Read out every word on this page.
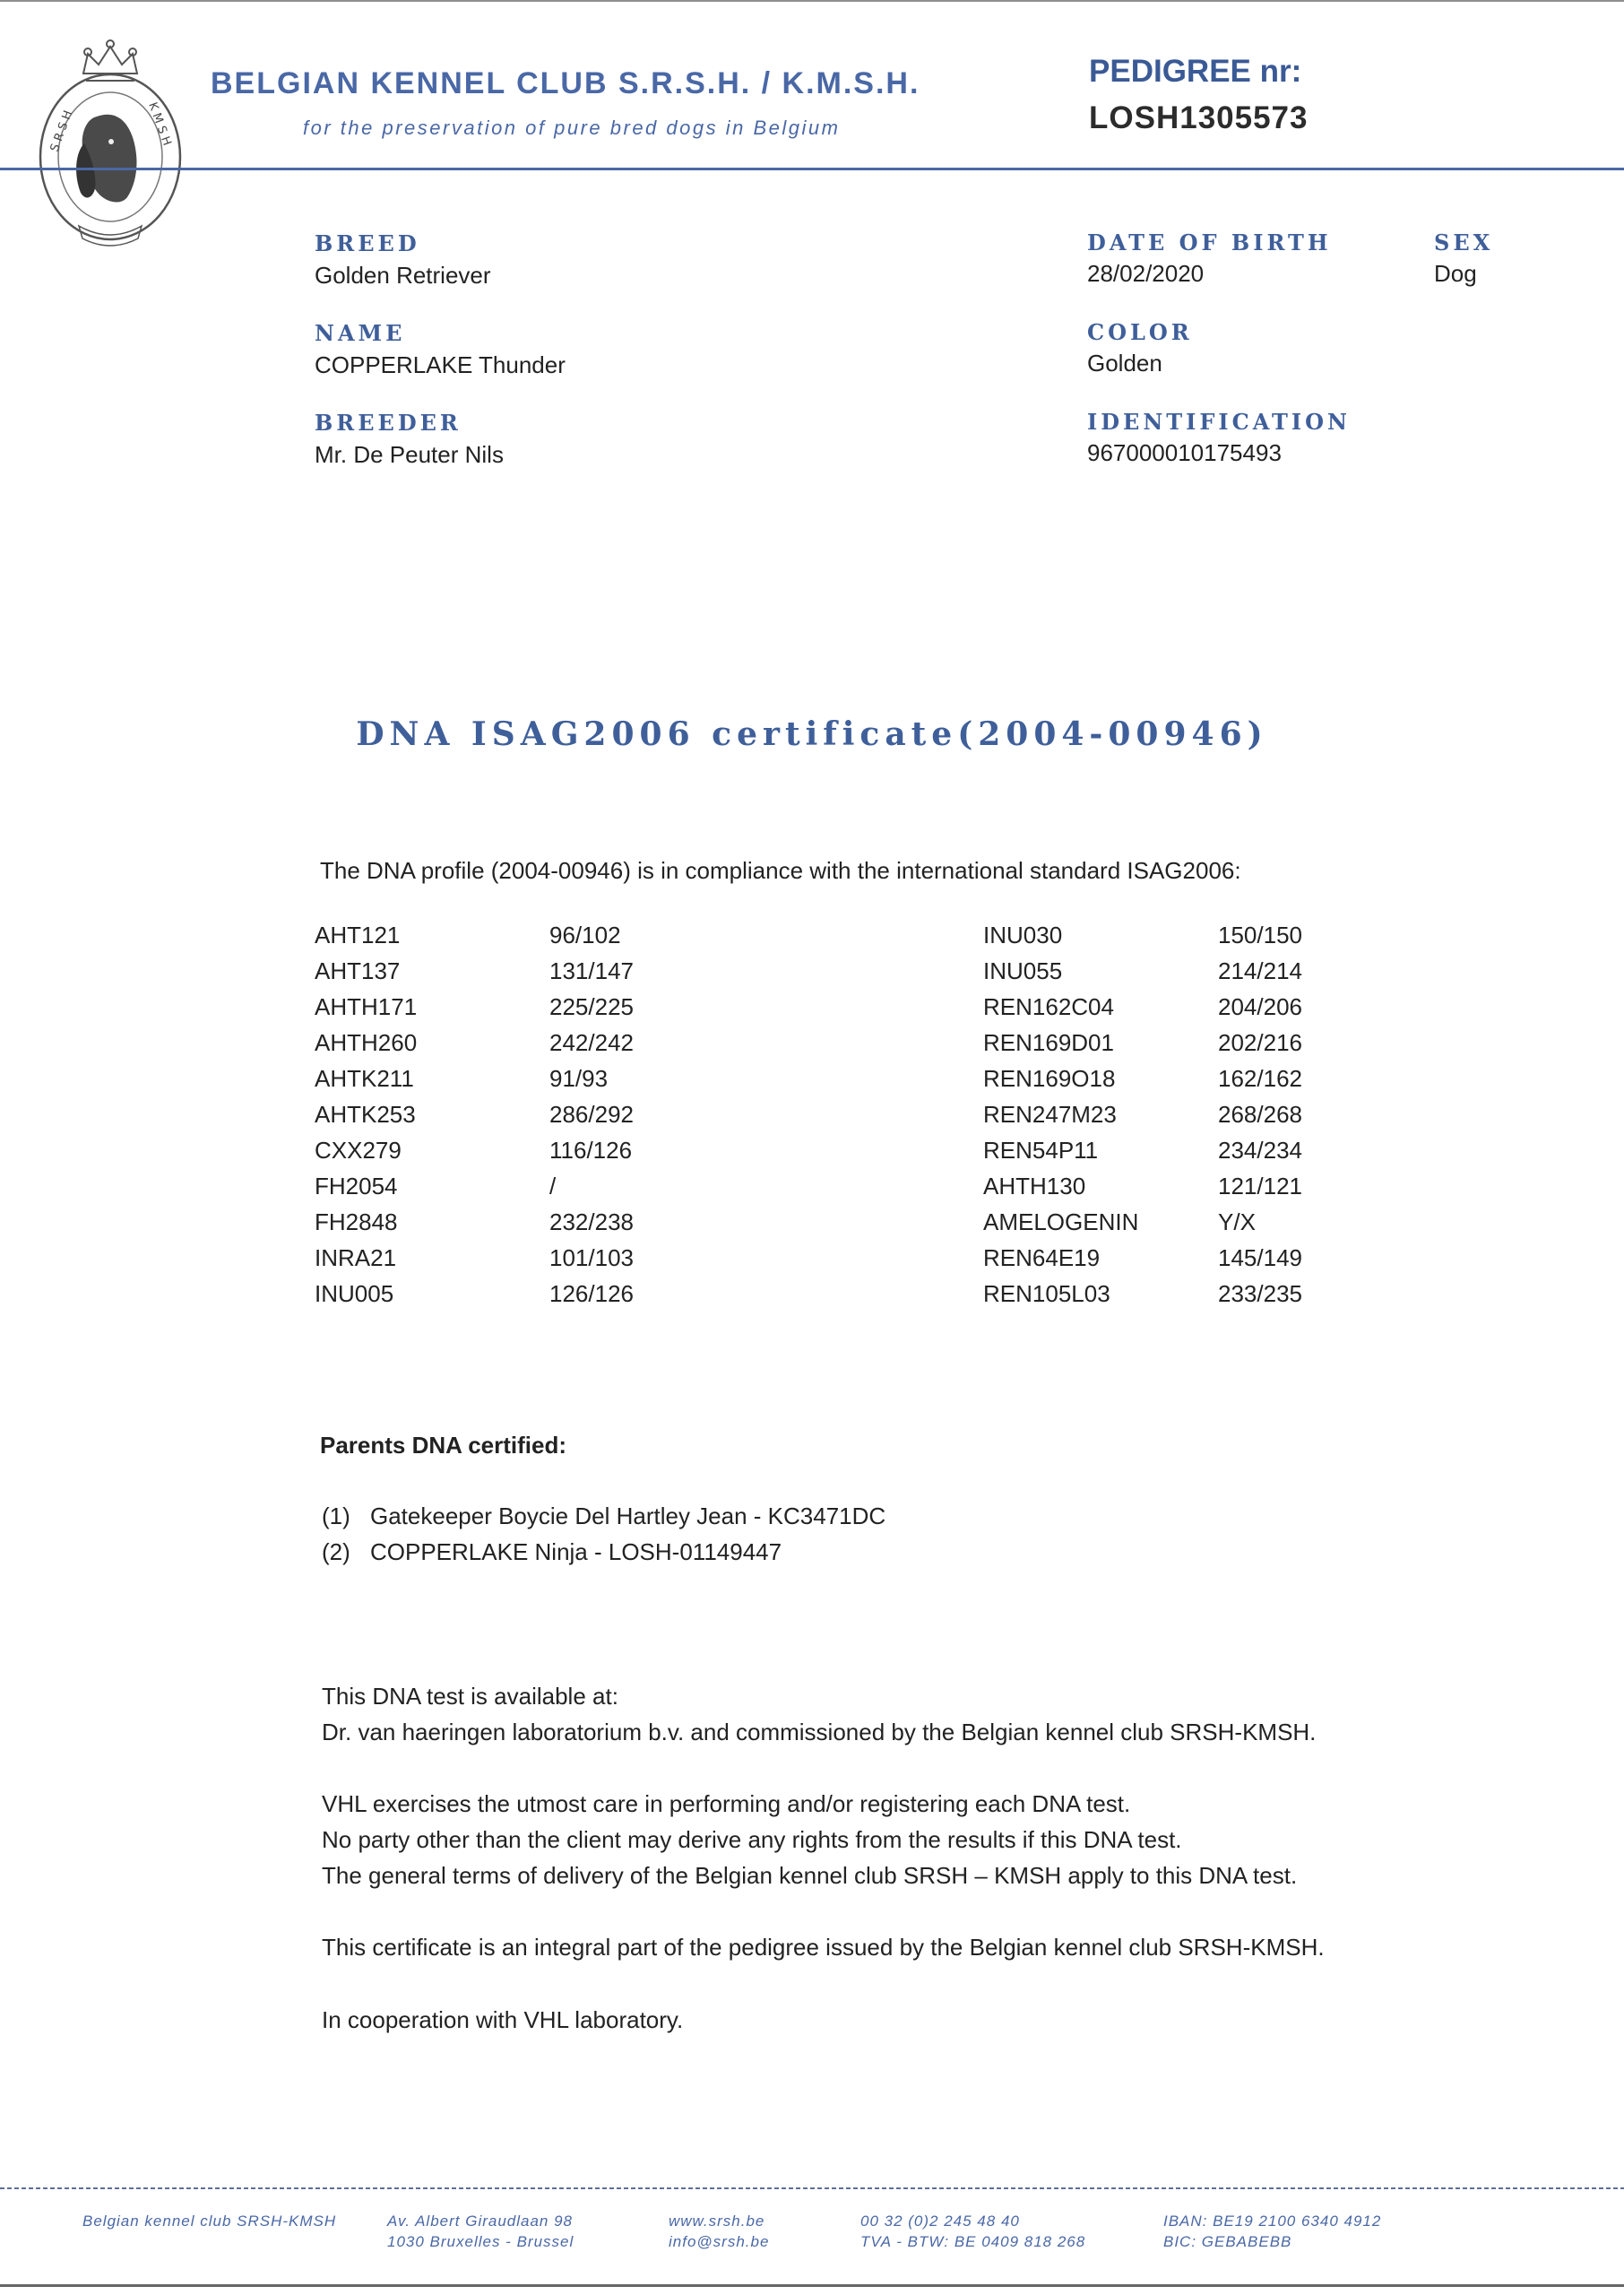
S R S H	K M S H
BELGIAN KENNEL CLUB S.R.S.H. / K.M.S.H.
for the preservation of pure bred dogs in Belgium
PEDIGREE nr:
LOSH1305573
BREED
Golden Retriever
NAME
COPPERLAKE Thunder
BREEDER
Mr. De Peuter Nils
DATE OF BIRTH
28/02/2020
SEX
Dog
COLOR
Golden
IDENTIFICATION
967000010175493
DNA ISAG2006 certificate(2004-00946)
The DNA profile (2004-00946) is in compliance with the international standard ISAG2006:
AHT121	96/102
AHT137	131/147
AHTH171	225/225
AHTH260	242/242
AHTK211	91/93
AHTK253	286/292
CXX279	116/126
FH2054	/
FH2848	232/238
INRA21	101/103
INU005	126/126
INU030	150/150
INU055	214/214
REN162C04	204/206
REN169D01	202/216
REN169O18	162/162
REN247M23	268/268
REN54P11	234/234
AHTH130	121/121
AMELOGENIN	Y/X
REN64E19	145/149
REN105L03	233/235
Parents DNA certified:
(1) Gatekeeper Boycie Del Hartley Jean - KC3471DC
(2) COPPERLAKE Ninja - LOSH-01149447
This DNA test is available at:
Dr. van haeringen laboratorium b.v. and commissioned by the Belgian kennel club SRSH-KMSH.
VHL exercises the utmost care in performing and/or registering each DNA test.
No party other than the client may derive any rights from the results if this DNA test.
The general terms of delivery of the Belgian kennel club SRSH – KMSH apply to this DNA test.
This certificate is an integral part of the pedigree issued by the Belgian kennel club SRSH-KMSH.
In cooperation with VHL laboratory.
Belgian kennel club SRSH-KMSH	Av. Albert Giraudlaan 98
1030 Bruxelles - Brussel
www.srsh.be
info@srsh.be
00 32 (0)2 245 48 40
TVA - BTW: BE 0409 818 268
IBAN: BE19 2100 6340 4912
BIC: GEBABEBB
